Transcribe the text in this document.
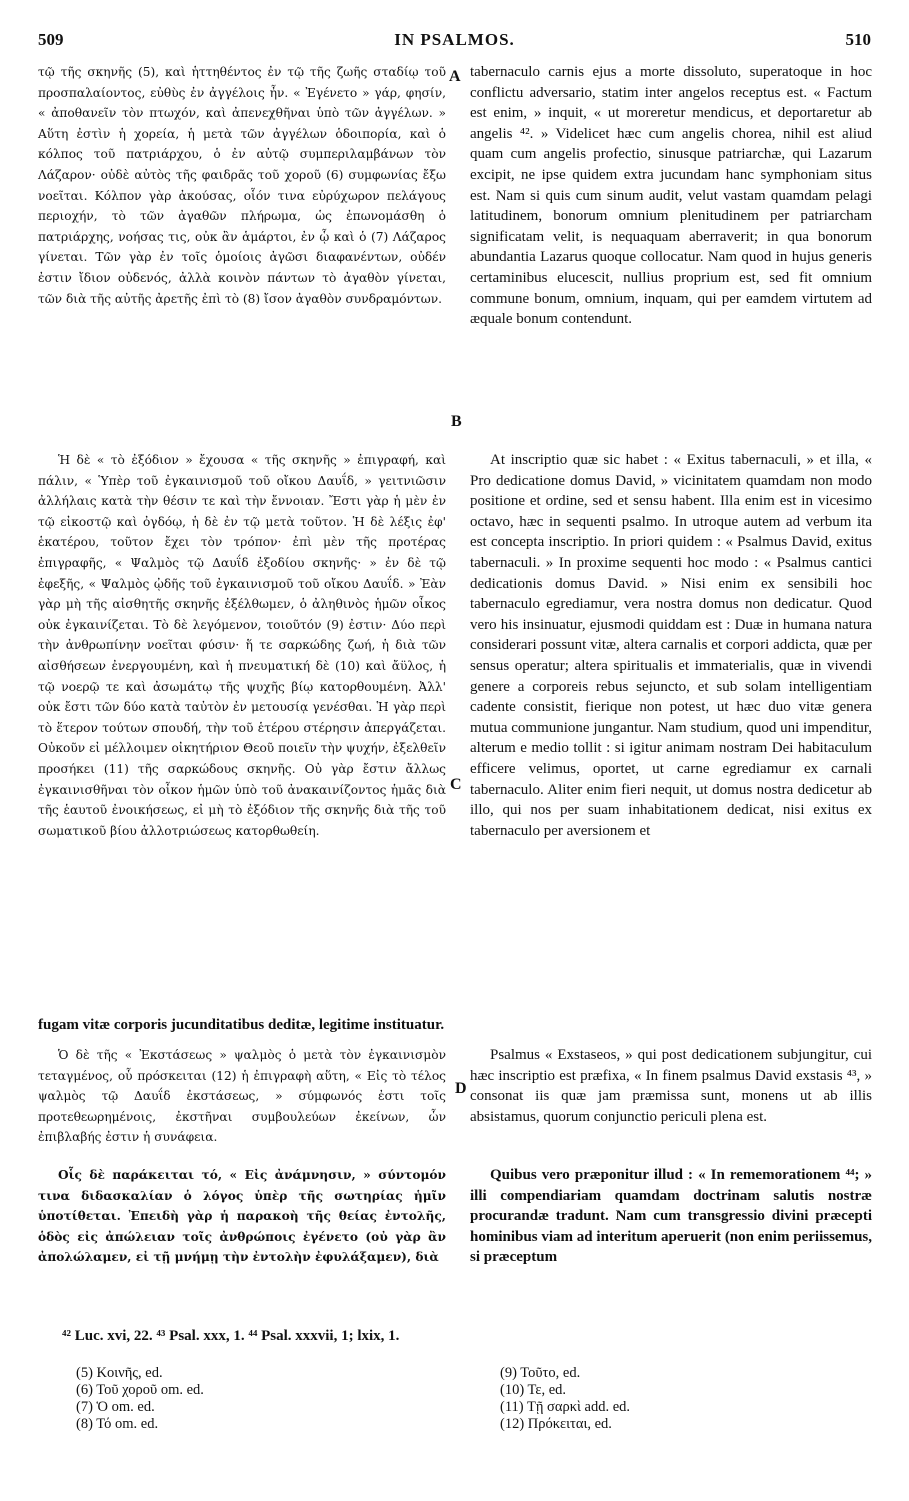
509	IN PSALMOS.	510

τῷ τῆς σκηνῆς (5), καὶ ἡττηθέντος ἐν τῷ τῆς ζωῆς σταδίῳ τοῦ προσπαλαίοντος, εὐθὺς ἐν ἀγγέλοις ἦν. « Ἐγένετο » γάρ, φησίν, « ἀποθανεῖν τὸν πτωχόν, καὶ ἀπενεχθῆναι ὑπὸ τῶν ἀγγέλων. » Αὕτη ἐστὶν ἡ χορεία, ἡ μετὰ τῶν ἀγγέλων ὁδοιπορία, καὶ ὁ κόλπος τοῦ πατριάρχου, ὁ ἐν αὐτῷ συμπεριλαμβάνων τὸν Λάζαρον· οὐδὲ αὐτὸς τῆς φαιδρᾶς τοῦ χοροῦ (6) συμφωνίας ἔξω νοεῖται. Κόλπον γὰρ ἀκούσας, οἷόν τινα εὐρύχωρον πελάγους περιοχήν, τὸ τῶν ἀγαθῶν πλήρωμα, ὡς ἐπωνομάσθη ὁ πατριάρχης, νοήσας τις, οὐκ ἂν ἁμάρτοι, ἐν ᾧ καὶ ὁ (7) Λάζαρος γίνεται. Τῶν γὰρ ἐν τοῖς ὁμοίοις ἀγῶσι διαφανέντων, οὐδέν ἐστιν ἴδιον οὐδενός, ἀλλὰ κοινὸν πάντων τὸ ἀγαθὸν γίνεται, τῶν διὰ τῆς αὐτῆς ἀρετῆς ἐπὶ τὸ (8) ἴσον ἀγαθὸν συνδραμόντων.

Ἡ δὲ « τὸ ἐξόδιον » ἔχουσα « τῆς σκηνῆς » ἐπιγραφή, καὶ πάλιν, « Ὑπὲρ τοῦ ἐγκαινισμοῦ τοῦ οἴκου Δαυΐδ, » γειτνιῶσιν ἀλλήλαις κατὰ τὴν θέσιν τε καὶ τὴν ἔννοιαν. Ἔστι γὰρ ἡ μὲν ἐν τῷ εἰκοστῷ καὶ ὀγδόῳ, ἡ δὲ ἐν τῷ μετὰ τοῦτον. Ἡ δὲ λέξις ἐφ' ἑκατέρου, τοῦτον ἔχει τὸν τρόπον· ἐπὶ μὲν τῆς προτέρας ἐπιγραφῆς, « Ψαλμὸς τῷ Δαυΐδ ἐξοδίου σκηνῆς· » ἐν δὲ τῷ ἐφεξῆς, « Ψαλμὸς ᾠδῆς τοῦ ἐγκαινισμοῦ τοῦ οἴκου Δαυΐδ. » Ἐὰν γὰρ μὴ τῆς αἰσθητῆς σκηνῆς ἐξέλθωμεν, ὁ ἀληθινὸς ἡμῶν οἶκος οὐκ ἐγκαινίζεται. Τὸ δὲ λεγόμενον, τοιοῦτόν (9) ἐστιν· Δύο περὶ τὴν ἀνθρωπίνην νοεῖται φύσιν· ἥ τε σαρκώδης ζωή, ἡ διὰ τῶν αἰσθήσεων ἐνεργουμένη, καὶ ἡ πνευματική δὲ (10) καὶ ἄϋλος, ἡ τῷ νοερῷ τε καὶ ἀσωμάτῳ τῆς ψυχῆς βίῳ κατορθουμένη. Ἀλλ' οὐκ ἔστι τῶν δύο κατὰ ταὐτὸν ἐν μετουσίᾳ γενέσθαι. Ἡ γὰρ περὶ τὸ ἕτερον τούτων σπουδή, τὴν τοῦ ἑτέρου στέρησιν ἀπεργάζεται. Οὐκοῦν εἰ μέλλοιμεν οἰκητήριον Θεοῦ ποιεῖν τὴν ψυχήν, ἐξελθεῖν προσήκει (11) τῆς σαρκώδους σκηνῆς. Οὐ γὰρ ἔστιν ἄλλως ἐγκαινισθῆναι τὸν οἶκον ἡμῶν ὑπὸ τοῦ ἀνακαινίζοντος ἡμᾶς διὰ τῆς ἑαυτοῦ ἐνοικήσεως, εἰ μὴ τὸ ἐξόδιον τῆς σκηνῆς διὰ τῆς τοῦ σωματικοῦ βίου ἀλλοτριώσεως κατορθωθείη.

Ὁ δὲ τῆς « Ἐκστάσεως » ψαλμὸς ὁ μετὰ τὸν ἐγκαινισμὸν τεταγμένος, οὗ πρόσκειται (12) ἡ ἐπιγραφὴ αὕτη, « Εἰς τὸ τέλος ψαλμὸς τῷ Δαυΐδ ἐκστάσεως, » σύμφωνός ἐστι τοῖς προτεθεωρημένοις, ἐκστῆναι συμβουλεύων ἐκείνων, ὧν ἐπιβλαβής ἐστιν ἡ συνάφεια.

Οἷς δὲ παράκειται τό, « Εἰς ἀνάμνησιν, » σύντομόν τινα διδασκαλίαν ὁ λόγος ὑπὲρ τῆς σωτηρίας ἡμῖν ὑποτίθεται. Ἐπειδὴ γὰρ ἡ παρακοὴ τῆς θείας ἐντολῆς, ὁδὸς εἰς ἀπώλειαν τοῖς ἀνθρώποις ἐγένετο (οὐ γὰρ ἂν ἀπολώλαμεν, εἰ τῇ μνήμῃ τὴν ἐντολὴν ἐφυλάξαμεν), διὰ

tabernaculo carnis ejus a morte dissoluto, superatoque in hoc conflictu adversario, statim inter angelos receptus est. « Factum est enim, » inquit, « ut moreretur mendicus, et deportaretur ab angelis ⁴². » Videlicet hæc cum angelis chorea, nihil est aliud quam cum angelis profectio, sinusque patriarchæ, qui Lazarum excipit, ne ipse quidem extra jucundam hanc symphoniam situs est. Nam si quis cum sinum audit, velut vastam quamdam pelagi latitudinem, bonorum omnium plenitudinem per patriarcham significatam velit, is nequaquam aberraverit; in qua bonorum abundantia Lazarus quoque collocatur. Nam quod in hujus generis certaminibus elucescit, nullius proprium est, sed fit omnium commune bonum, omnium, inquam, qui per eamdem virtutem ad æquale bonum contendunt.

At inscriptio quæ sic habet : « Exitus tabernaculi, » et illa, « Pro dedicatione domus David, » vicinitatem quamdam non modo positione et ordine, sed et sensu habent. Illa enim est in vicesimo octavo, hæc in sequenti psalmo. In utroque autem ad verbum ita est concepta inscriptio. In priori quidem : « Psalmus David, exitus tabernaculi. » In proxime sequenti hoc modo : « Psalmus cantici dedicationis domus David. » Nisi enim ex sensibili hoc tabernaculo egrediamur, vera nostra domus non dedicatur. Quod vero his insinuatur, ejusmodi quiddam est : Duæ in humana natura considerari possunt vitæ, altera carnalis et corpori addicta, quæ per sensus operatur; altera spiritualis et immaterialis, quæ in vivendi genere a corporeis rebus sejuncto, et sub solam intelligentiam cadente consistit, fierique non potest, ut hæc duo vitæ genera mutua communione jungantur. Nam studium, quod uni impenditur, alterum e medio tollit : si igitur animam nostram Dei habitaculum efficere velimus, oportet, ut carne egrediamur ex carnali tabernaculo. Aliter enim fieri nequit, ut domus nostra dedicetur ab illo, qui nos per suam inhabitationem dedicat, nisi exitus ex tabernaculo per aversionem et

fugam vitæ corporis jucunditatibus deditæ, legitime instituatur.

Psalmus « Exstaseos, » qui post dedicationem subjungitur, cui hæc inscriptio est præfixa, « In finem psalmus David exstasis ⁴³, » consonat iis quæ jam præmissa sunt, monens ut ab illis absistamus, quorum conjunctio periculi plena est.

Quibus vero præponitur illud : « In rememorationem ⁴⁴; » illi compendiariam quamdam doctrinam salutis nostræ procurandæ tradunt. Nam cum transgressio divini præcepti hominibus viam ad interitum aperuerit (non enim periissemus, si præceptum

A
B
C
D
⁴² Luc. xvi, 22. ⁴³ Psal. xxx, 1. ⁴⁴ Psal. xxxvii, 1; lxix, 1.
(5) Κοινῆς, ed.
(6) Τοῦ χοροῦ om. ed.
(7) Ὁ om. ed.
(8) Τό om. ed.
(9) Τοῦτο, ed.
(10) Τε, ed.
(11) Τῇ σαρκὶ add. ed.
(12) Πρόκειται, ed.
